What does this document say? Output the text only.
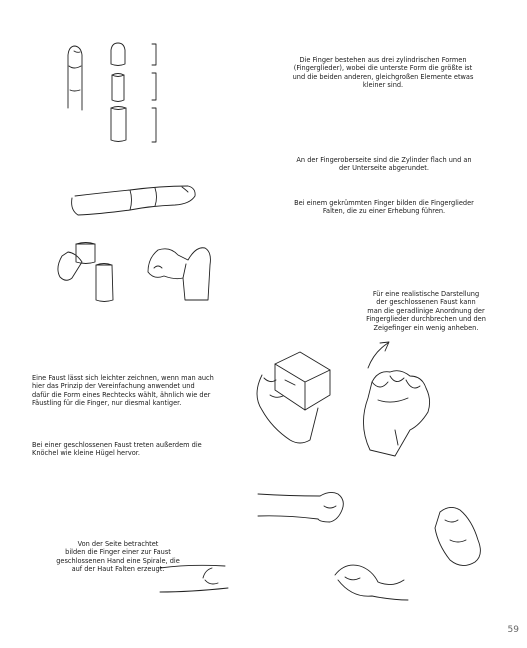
Die Finger bestehen aus drei zylindrischen Formen
(Fingerglieder), wobei die unterste Form die größte ist
und die beiden anderen, gleichgroßen Elemente etwas
kleiner sind.
An der Fingeroberseite sind die Zylinder flach und an
der Unterseite abgerundet.
Bei einem gekrümmten Finger bilden die Fingerglieder
Falten, die zu einer Erhebung führen.
Für eine realistische Darstellung
der geschlossenen Faust kann
man die geradlinige Anordnung der
Fingerglieder durchbrechen und den
Zeigefinger ein wenig anheben.
Eine Faust lässt sich leichter zeichnen, wenn man auch
hier das Prinzip der Vereinfachung anwendet und
dafür die Form eines Rechtecks wählt, ähnlich wie der
Fäustling für die Finger, nur diesmal kantiger.
Bei einer geschlossenen Faust treten außerdem die
Knöchel wie kleine Hügel hervor.
Von der Seite betrachtet
bilden die Finger einer zur Faust
geschlossenen Hand eine Spirale, die
auf der Haut Falten erzeugt.
59
